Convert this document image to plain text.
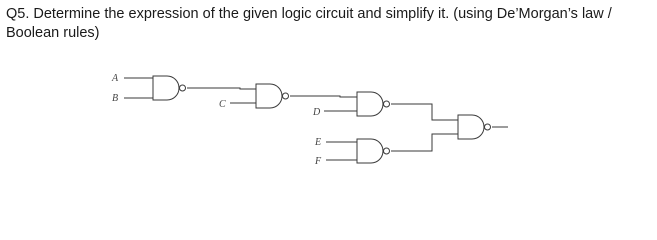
Q5. Determine the expression of the given logic circuit and simplify it. (using De’Morgan’s law / Boolean rules)

A
B
C
D
E
F
